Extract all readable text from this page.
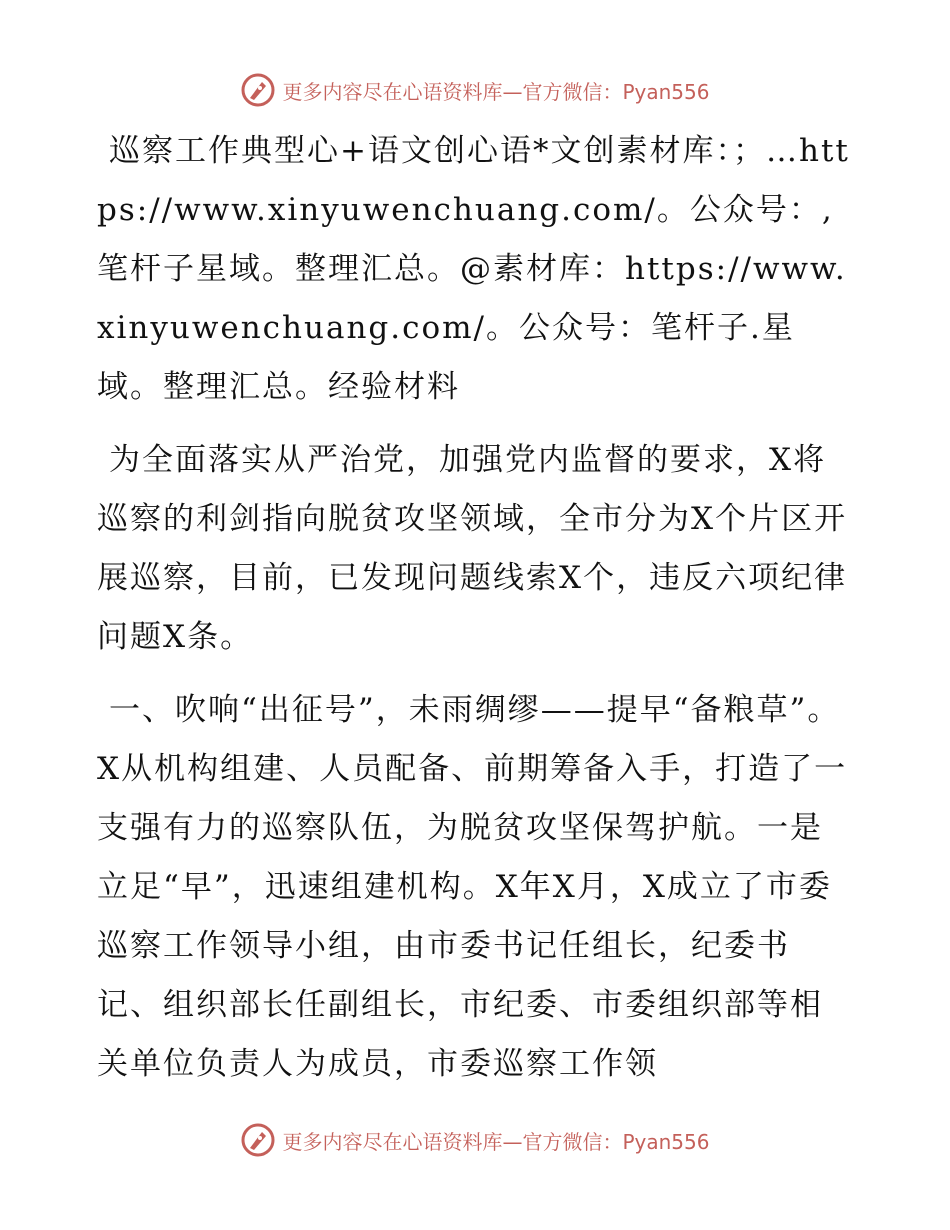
更多内容尽在心语资料库—官方微信：Pyan556

巡察工作典型心+语文创心语*文创素材库：；…https://www.xinyuwenchuang.com/。公众号：,笔杆子星域。整理汇总。@素材库：https://www.xinyuwenchuang.com/。公众号：笔杆子.星域。整理汇总。经验材料

为全面落实从严治党，加强党内监督的要求，X将巡察的利剑指向脱贫攻坚领域，全市分为X个片区开展巡察，目前，已发现问题线索X个，违反六项纪律问题X条。

一、吹响“出征号”，未雨绸缪——提早“备粮草”。X从机构组建、人员配备、前期筹备入手，打造了一支强有力的巡察队伍，为脱贫攻坚保驾护航。一是立足“早”，迅速组建机构。X年X月，X成立了市委巡察工作领导小组，由市委书记任组长，纪委书记、组织部长任副组长，市纪委、市委组织部等相关单位负责人为成员，市委巡察工作领

更多内容尽在心语资料库—官方微信：Pyan556
